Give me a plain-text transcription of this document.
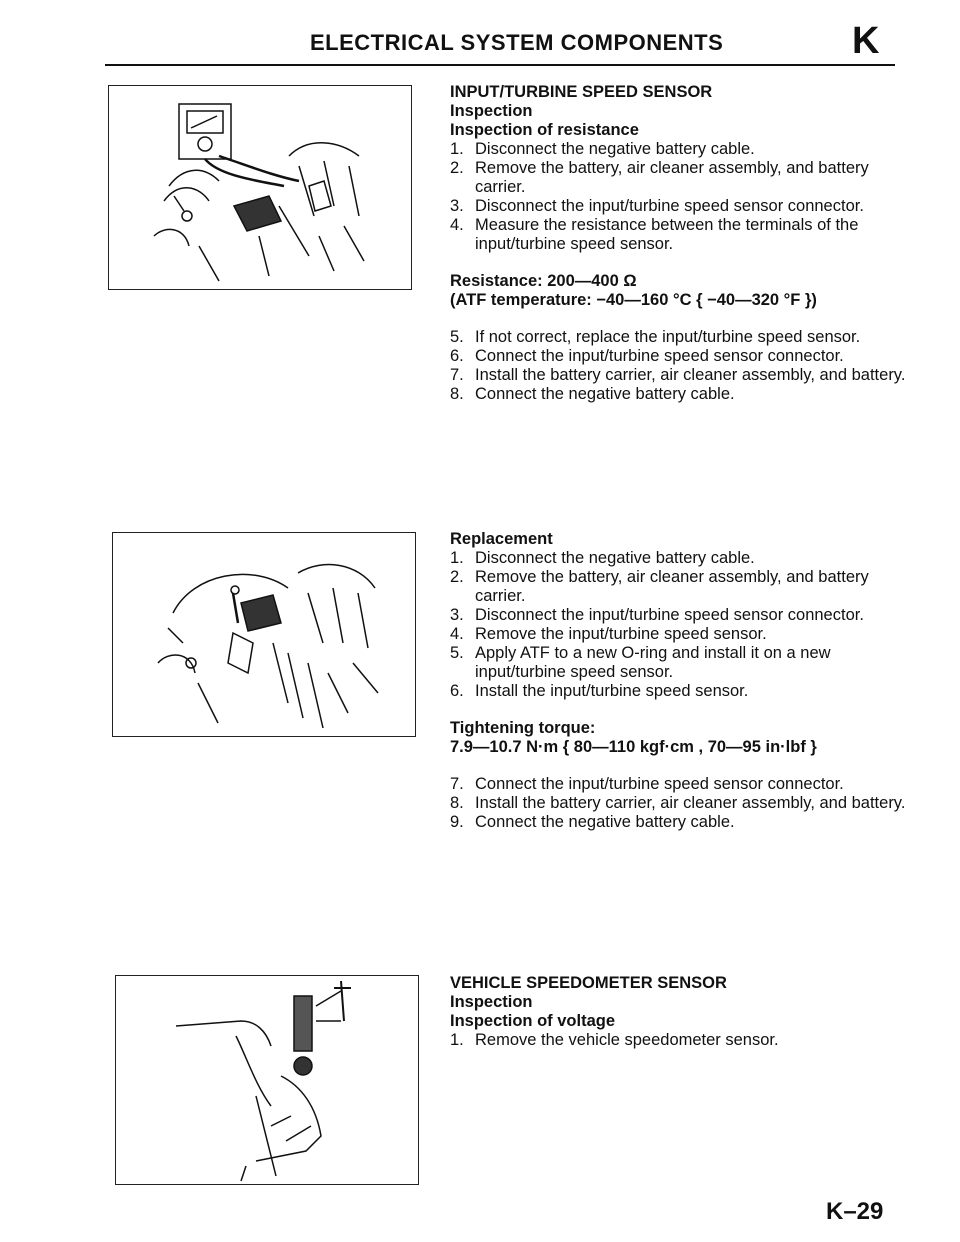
ELECTRICAL SYSTEM COMPONENTS	K

INPUT/TURBINE SPEED SENSOR

Inspection

Inspection of resistance

1. Disconnect the negative battery cable.
2. Remove the battery, air cleaner assembly, and battery carrier.
3. Disconnect the input/turbine speed sensor connector.
4. Measure the resistance between the terminals of the input/turbine speed sensor.

Resistance: 200—400 Ω

(ATF temperature: −40—160 °C { −40—320 °F })

5. If not correct, replace the input/turbine speed sensor.
6. Connect the input/turbine speed sensor connector.
7. Install the battery carrier, air cleaner assembly, and battery.
8. Connect the negative battery cable.

Replacement

1. Disconnect the negative battery cable.
2. Remove the battery, air cleaner assembly, and battery carrier.
3. Disconnect the input/turbine speed sensor connector.
4. Remove the input/turbine speed sensor.
5. Apply ATF to a new O-ring and install it on a new input/turbine speed sensor.
6. Install the input/turbine speed sensor.

Tightening torque:

7.9—10.7 N·m { 80—110 kgf·cm , 70—95 in·lbf }

7. Connect the input/turbine speed sensor connector.
8. Install the battery carrier, air cleaner assembly, and battery.
9. Connect the negative battery cable.

VEHICLE SPEEDOMETER SENSOR

Inspection

Inspection of voltage

1. Remove the vehicle speedometer sensor.
K–29
